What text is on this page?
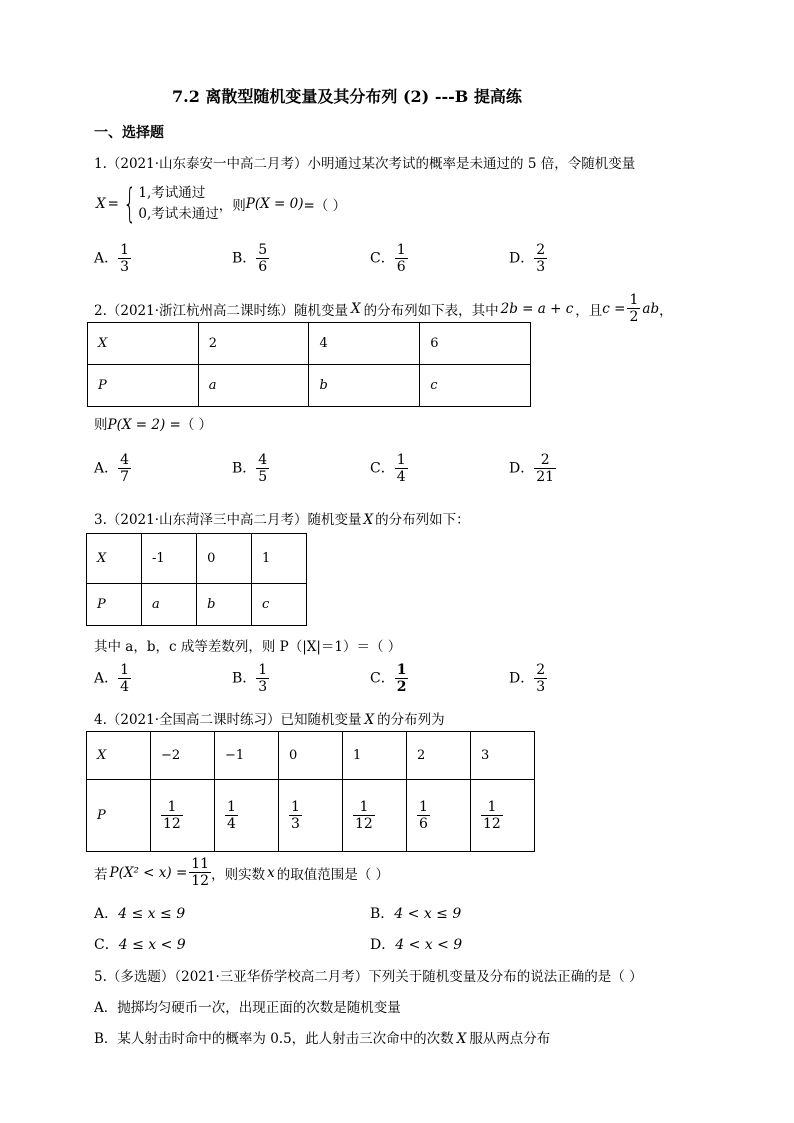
7.2 离散型随机变量及其分布列 (2) ---B 提高练
一、选择题
1.（2021·山东泰安一中高二月考）小明通过某次考试的概率是未通过的 5 倍，令随机变量
X = { 1,考试通过
0,考试未通过 ，则 P(X = 0) =（ ）
A． $\frac{1}{3}$	B． $\frac{5}{6}$	C． $\frac{1}{6}$	D． $\frac{2}{3}$
2.（2021·浙江杭州高二课时练）随机变量 X 的分布列如下表，其中 2b = a + c ，且 $c = \frac{1}{2}$ ab ，
X	2	4	6
P	a	b	c
则P(X = 2) =（ ）
A． $\frac{4}{7}$	B． $\frac{4}{5}$	C． $\frac{1}{4}$	D． $\frac{2}{21}$
3.（2021·山东菏泽三中高二月考）随机变量 X 的分布列如下：
X	-1	0	1
P	a	b	c
其中 a，b，c 成等差数列，则 P（|X|＝1）＝（ ）
A． $\frac{1}{4}$	B． $\frac{1}{3}$	C． $\frac{1}{2}$	D． $\frac{2}{3}$
4.（2021·全国高二课时练习）已知随机变量 X 的分布列为
X	−2	−1	0	1	2	3
P	$\frac{1}{12}$	$\frac{1}{4}$	$\frac{1}{3}$	$\frac{1}{12}$	$\frac{1}{6}$	$\frac{1}{12}$
若 $P(X^2 < x) = \frac{11}{12}$ ，则实数 x 的取值范围是（ ）
A．4 ≤ x ≤ 9	B．4 < x ≤ 9
C．4 ≤ x < 9	D．4 < x < 9
5.（多选题）（2021·三亚华侨学校高二月考）下列关于随机变量及分布的说法正确的是（ ）
A．抛掷均匀硬币一次，出现正面的次数是随机变量
B．某人射击时命中的概率为 0.5，此人射击三次命中的次数 X 服从两点分布
